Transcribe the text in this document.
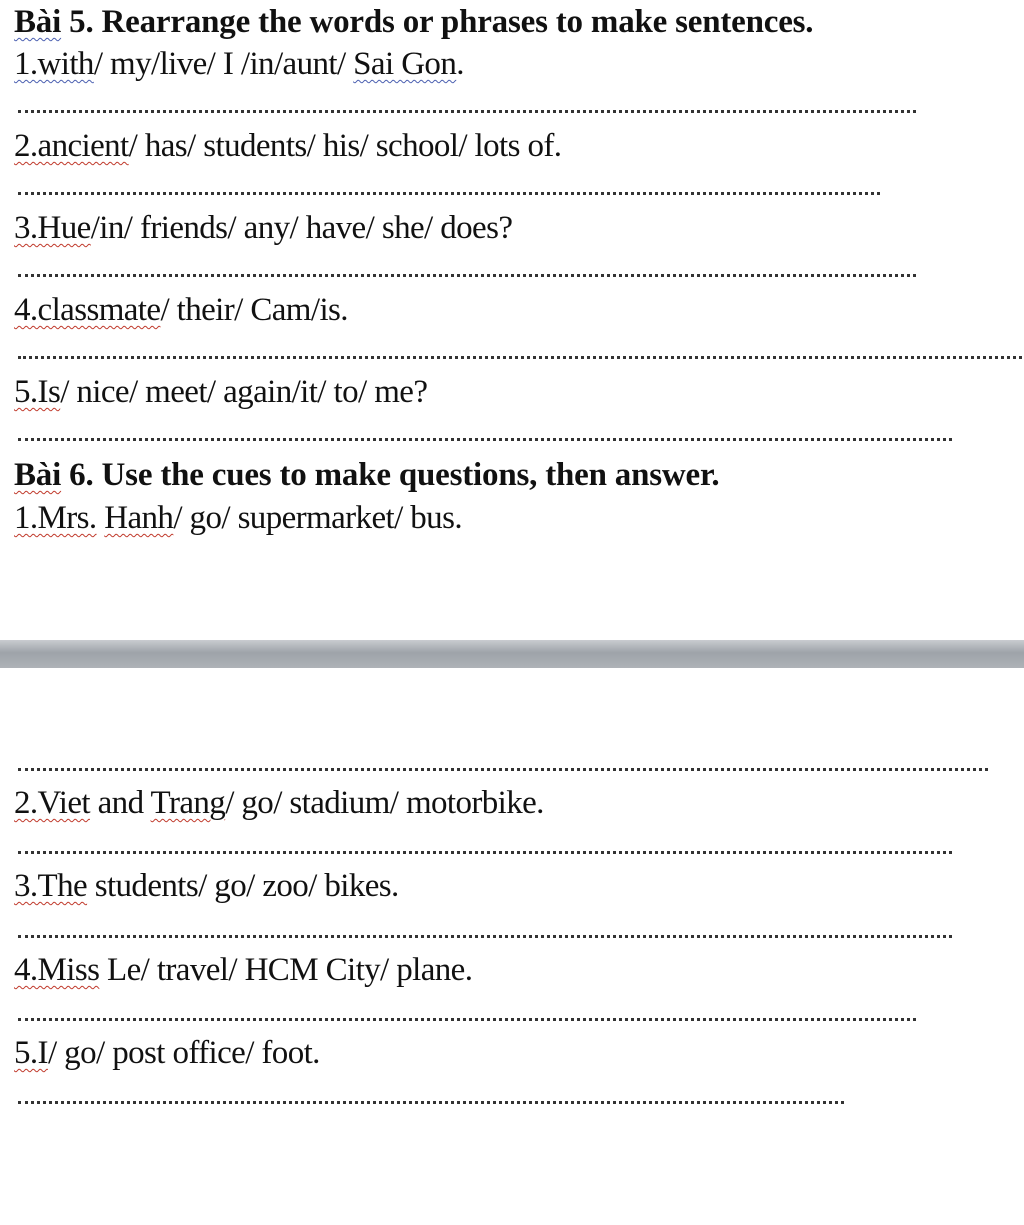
Bài 5. Rearrange the words or phrases to make sentences.
1.with/ my/live/ I /in/aunt/ Sai Gon.
2.ancient/ has/ students/ his/ school/ lots of.
3.Hue/in/ friends/ any/ have/ she/ does?
4.classmate/ their/ Cam/is.
5.Is/ nice/ meet/ again/it/ to/ me?
Bài 6. Use the cues to make questions, then answer.
1.Mrs. Hanh/ go/ supermarket/ bus.
2.Viet and Trang/ go/ stadium/ motorbike.
3.The students/ go/ zoo/ bikes.
4.Miss Le/ travel/ HCM City/ plane.
5.I/ go/ post office/ foot.
